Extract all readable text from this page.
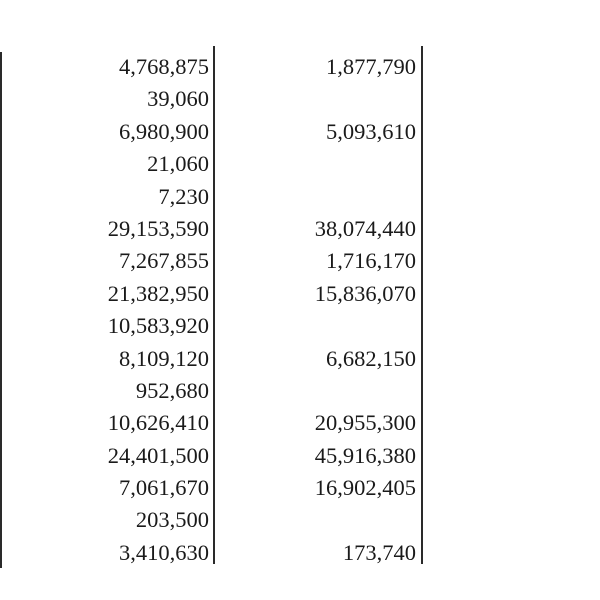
4,768,875	1,877,790
39,060
6,980,900	5,093,610
21,060
7,230
29,153,590	38,074,440
7,267,855	1,716,170
21,382,950	15,836,070
10,583,920
8,109,120	6,682,150
952,680
10,626,410	20,955,300
24,401,500	45,916,380
7,061,670	16,902,405
203,500
3,410,630	173,740
